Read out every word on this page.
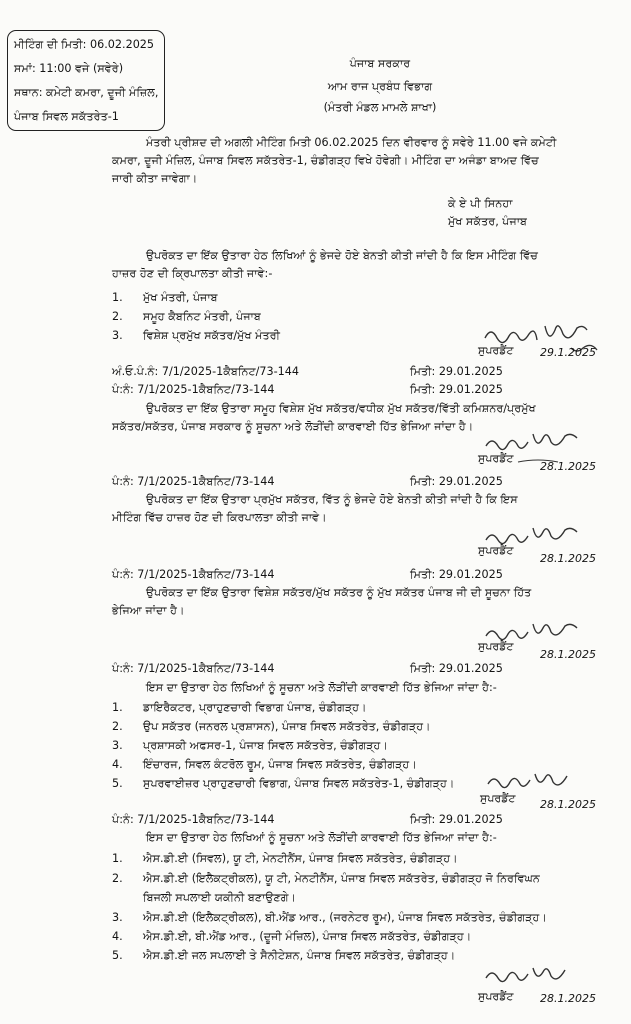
ਮੀਟਿੰਗ ਦੀ ਮਿਤੀ: 06.02.2025
ਸਮਾਂ: 11:00 ਵਜੇ (ਸਵੇਰੇ)
ਸਥਾਨ: ਕਮੇਟੀ ਕਮਰਾ, ਦੂਜੀ ਮੰਜ਼ਿਲ,
ਪੰਜਾਬ ਸਿਵਲ ਸਕੱਤਰੇਤ-1
ਪੰਜਾਬ ਸਰਕਾਰ
ਆਮ ਰਾਜ ਪ੍ਰਬੰਧ ਵਿਭਾਗ
(ਮੰਤਰੀ ਮੰਡਲ ਮਾਮਲੇ ਸ਼ਾਖਾ)
ਮੰਤਰੀ ਪ੍ਰੀਸ਼ਦ ਦੀ ਅਗਲੀ ਮੀਟਿੰਗ ਮਿਤੀ 06.02.2025 ਦਿਨ ਵੀਰਵਾਰ ਨੂੰ ਸਵੇਰੇ 11.00 ਵਜੇ ਕਮੇਟੀ
ਕਮਰਾ, ਦੂਜੀ ਮੰਜ਼ਿਲ, ਪੰਜਾਬ ਸਿਵਲ ਸਕੱਤਰੇਤ-1, ਚੰਡੀਗੜ੍ਹ ਵਿਖੇ ਹੋਵੇਗੀ। ਮੀਟਿੰਗ ਦਾ ਅਜੰਡਾ ਬਾਅਦ ਵਿੱਚ
ਜਾਰੀ ਕੀਤਾ ਜਾਵੇਗਾ।
ਕੇ ਏ ਪੀ ਸਿਨਹਾ
ਮੁੱਖ ਸਕੱਤਰ, ਪੰਜਾਬ
ਉਪਰੋਕਤ ਦਾ ਇੱਕ ਉਤਾਰਾ ਹੇਠ ਲਿਖਿਆਂ ਨੂੰ ਭੇਜਦੇ ਹੋਏ ਬੇਨਤੀ ਕੀਤੀ ਜਾਂਦੀ ਹੈ ਕਿ ਇਸ ਮੀਟਿੰਗ ਵਿੱਚ
ਹਾਜ਼ਰ ਹੋਣ ਦੀ ਕ੍ਰਿਪਾਲਤਾ ਕੀਤੀ ਜਾਵੇ:-
1. ਮੁੱਖ ਮੰਤਰੀ, ਪੰਜਾਬ
2. ਸਮੂਹ ਕੈਬਨਿਟ ਮੰਤਰੀ, ਪੰਜਾਬ
3. ਵਿਸ਼ੇਸ਼ ਪ੍ਰਮੁੱਖ ਸਕੱਤਰ/ਮੁੱਖ ਮੰਤਰੀ
ਸੁਪਰਡੈਂਟ 29.1.2025
ਅੰ.ਓ.ਪੰ.ਨੰ: 7/1/2025-1ਕੈਬਨਿਟ/73-144	ਮਿਤੀ: 29.01.2025
ਪੰ:ਨੰ: 7/1/2025-1ਕੈਬਨਿਟ/73-144	ਮਿਤੀ: 29.01.2025
ਉਪਰੋਕਤ ਦਾ ਇੱਕ ਉਤਾਰਾ ਸਮੂਹ ਵਿਸ਼ੇਸ਼ ਮੁੱਖ ਸਕੱਤਰ/ਵਧੀਕ ਮੁੱਖ ਸਕੱਤਰ/ਵਿੱਤੀ ਕਮਿਸ਼ਨਰ/ਪ੍ਰਮੁੱਖ
ਸਕੱਤਰ/ਸਕੱਤਰ, ਪੰਜਾਬ ਸਰਕਾਰ ਨੂੰ ਸੂਚਨਾ ਅਤੇ ਲੋੜੀਂਦੀ ਕਾਰਵਾਈ ਹਿੱਤ ਭੇਜਿਆ ਜਾਂਦਾ ਹੈ।
ਸੁਪਰਡੈਂਟ
28.1.2025
ਪੰ:ਨੰ: 7/1/2025-1ਕੈਬਨਿਟ/73-144	ਮਿਤੀ: 29.01.2025
ਉਪਰੋਕਤ ਦਾ ਇੱਕ ਉਤਾਰਾ ਪ੍ਰਮੁੱਖ ਸਕੱਤਰ, ਵਿੱਤ ਨੂੰ ਭੇਜਦੇ ਹੋਏ ਬੇਨਤੀ ਕੀਤੀ ਜਾਂਦੀ ਹੈ ਕਿ ਇਸ
ਮੀਟਿੰਗ ਵਿੱਚ ਹਾਜ਼ਰ ਹੋਣ ਦੀ ਕਿਰਪਾਲਤਾ ਕੀਤੀ ਜਾਵੇ।
ਸੁਪਰਡੈਂਟ
28.1.2025
ਪੰ:ਨੰ: 7/1/2025-1ਕੈਬਨਿਟ/73-144	ਮਿਤੀ: 29.01.2025
ਉਪਰੋਕਤ ਦਾ ਇੱਕ ਉਤਾਰਾ ਵਿਸ਼ੇਸ਼ ਸਕੱਤਰ/ਮੁੱਖ ਸਕੱਤਰ ਨੂੰ ਮੁੱਖ ਸਕੱਤਰ ਪੰਜਾਬ ਜੀ ਦੀ ਸੂਚਨਾ ਹਿੱਤ
ਭੇਜਿਆ ਜਾਂਦਾ ਹੈ।
ਸੁਪਰਡੈਂਟ
28.1.2025
ਪੰ:ਨੰ: 7/1/2025-1ਕੈਬਨਿਟ/73-144	ਮਿਤੀ: 29.01.2025
ਇਸ ਦਾ ਉਤਾਰਾ ਹੇਠ ਲਿਖਿਆਂ ਨੂੰ ਸੂਚਨਾ ਅਤੇ ਲੋੜੀਂਦੀ ਕਾਰਵਾਈ ਹਿੱਤ ਭੇਜਿਆ ਜਾਂਦਾ ਹੈ:-
1. ਡਾਇਰੈਕਟਰ, ਪ੍ਰਾਹੁਣਚਾਰੀ ਵਿਭਾਗ ਪੰਜਾਬ, ਚੰਡੀਗੜ੍ਹ।
2. ਉਪ ਸਕੱਤਰ (ਜਨਰਲ ਪ੍ਰਸ਼ਾਸਨ), ਪੰਜਾਬ ਸਿਵਲ ਸਕੱਤਰੇਤ, ਚੰਡੀਗੜ੍ਹ।
3. ਪ੍ਰਸ਼ਾਸਕੀ ਅਫਸਰ-1, ਪੰਜਾਬ ਸਿਵਲ ਸਕੱਤਰੇਤ, ਚੰਡੀਗੜ੍ਹ।
4. ਇੰਚਾਰਜ, ਸਿਵਲ ਕੰਟਰੋਲ ਰੂਮ, ਪੰਜਾਬ ਸਿਵਲ ਸਕੱਤਰੇਤ, ਚੰਡੀਗੜ੍ਹ।
5. ਸੁਪਰਵਾਈਜ਼ਰ ਪ੍ਰਾਹੁਣਚਾਰੀ ਵਿਭਾਗ, ਪੰਜਾਬ ਸਿਵਲ ਸਕੱਤਰੇਤ-1, ਚੰਡੀਗੜ੍ਹ।
ਸੁਪਰਡੈਂਟ 28.1.2025
ਪੰ:ਨੰ: 7/1/2025-1ਕੈਬਨਿਟ/73-144	ਮਿਤੀ: 29.01.2025
ਇਸ ਦਾ ਉਤਾਰਾ ਹੇਠ ਲਿਖਿਆਂ ਨੂੰ ਸੂਚਨਾ ਅਤੇ ਲੋੜੀਂਦੀ ਕਾਰਵਾਈ ਹਿੱਤ ਭੇਜਿਆ ਜਾਂਦਾ ਹੈ:-
1. ਐਸ.ਡੀ.ਈ (ਸਿਵਲ), ਯੂ ਟੀ, ਮੇਨਟੀਨੈਂਸ, ਪੰਜਾਬ ਸਿਵਲ ਸਕੱਤਰੇਤ, ਚੰਡੀਗੜ੍ਹ।
2. ਐਸ.ਡੀ.ਈ (ਇਲੈਕਟ੍ਰੀਕਲ), ਯੂ ਟੀ, ਮੇਨਟੀਨੈਂਸ, ਪੰਜਾਬ ਸਿਵਲ ਸਕੱਤਰੇਤ, ਚੰਡੀਗੜ੍ਹ ਜੋ ਨਿਰਵਿਘਨ
ਬਿਜਲੀ ਸਪਲਾਈ ਯਕੀਨੀ ਬਣਾਉਣਗੇ।
3. ਐਸ.ਡੀ.ਈ (ਇਲੈਕਟ੍ਰੀਕਲ), ਬੀ.ਐਂਡ ਆਰ., (ਜਰਨੇਟਰ ਰੂਮ), ਪੰਜਾਬ ਸਿਵਲ ਸਕੱਤਰੇਤ, ਚੰਡੀਗੜ੍ਹ।
4. ਐਸ.ਡੀ.ਈ, ਬੀ.ਐਂਡ ਆਰ., (ਦੂਜੀ ਮੰਜ਼ਿਲ), ਪੰਜਾਬ ਸਿਵਲ ਸਕੱਤਰੇਤ, ਚੰਡੀਗੜ੍ਹ।
5. ਐਸ.ਡੀ.ਈ ਜਲ ਸਪਲਾਈ ਤੇ ਸੈਨੀਟੇਸ਼ਨ, ਪੰਜਾਬ ਸਿਵਲ ਸਕੱਤਰੇਤ, ਚੰਡੀਗੜ੍ਹ।
ਸੁਪਰਡੈਂਟ 28.1.2025
